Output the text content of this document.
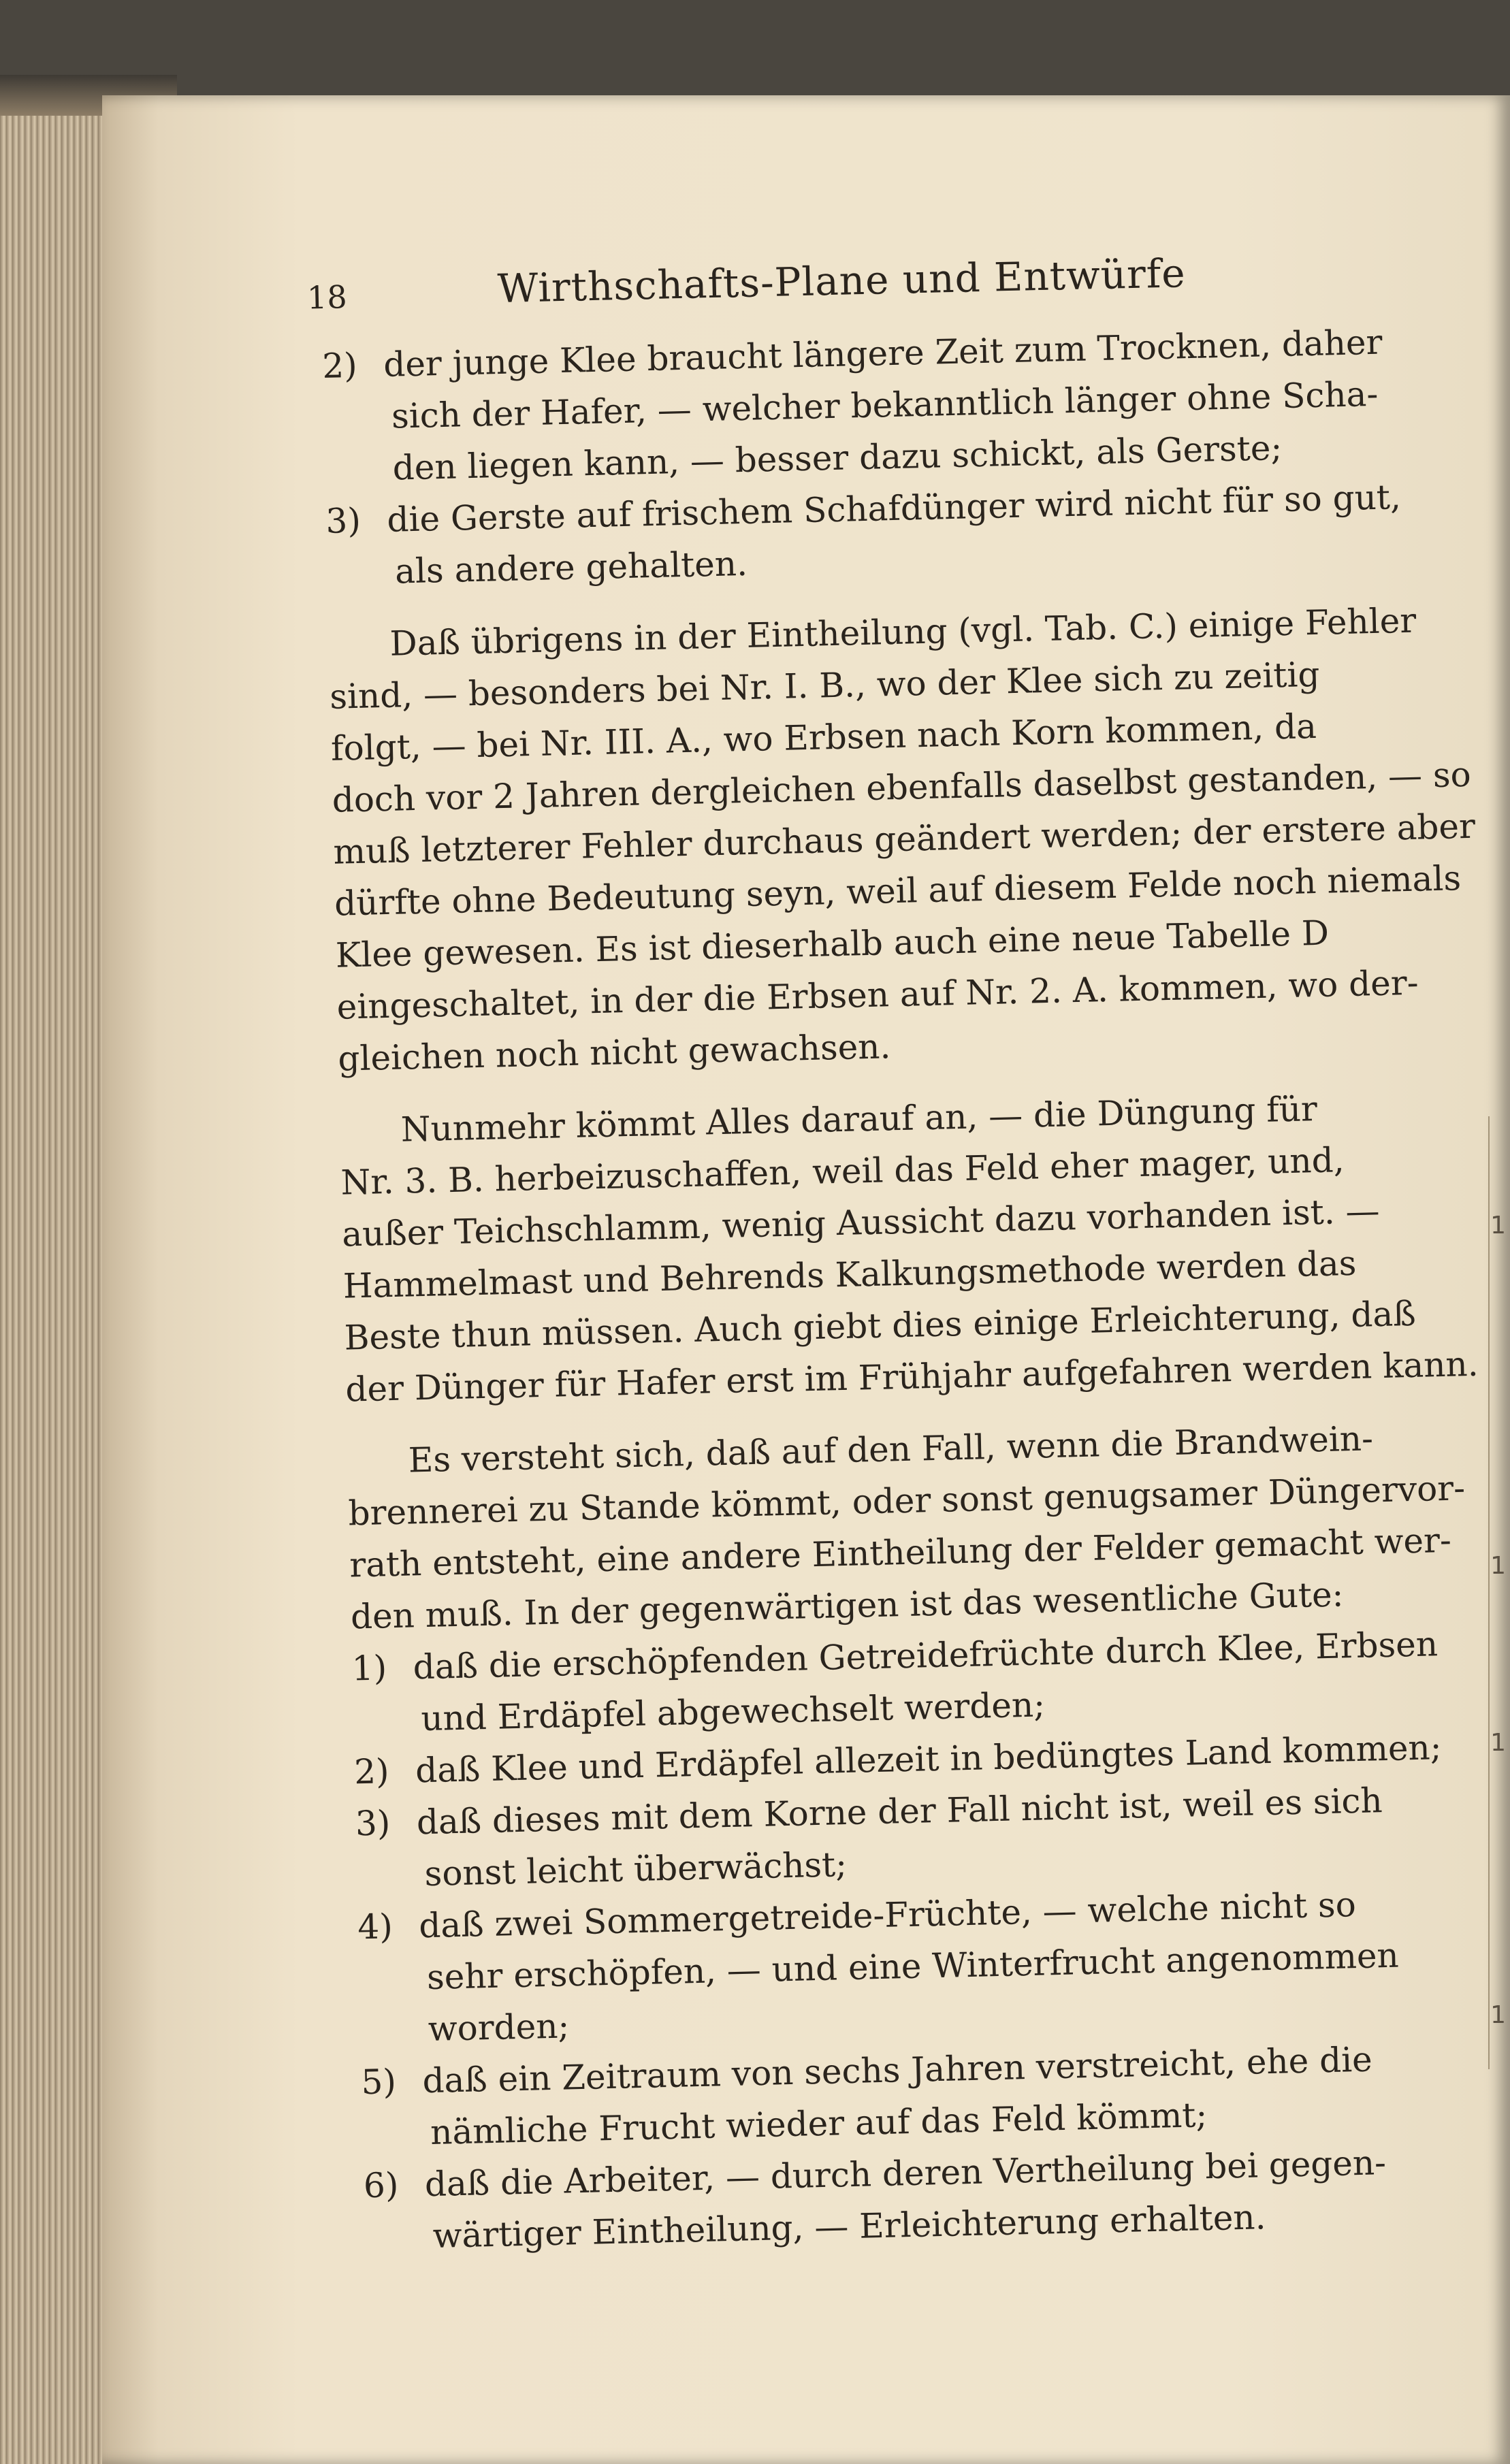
1
1
1
1
18	Wirthschafts-Plane und Entwürfe
2) der junge Klee braucht längere Zeit zum Trocknen, daher
sich der Hafer, — welcher bekanntlich länger ohne Scha-
den liegen kann, — besser dazu schickt, als Gerste;
3) die Gerste auf frischem Schafdünger wird nicht für so gut,
als andere gehalten.
Daß übrigens in der Eintheilung (vgl. Tab. C.) einige Fehler
sind, — besonders bei Nr. I. B., wo der Klee sich zu zeitig
folgt, — bei Nr. III. A., wo Erbsen nach Korn kommen, da
doch vor 2 Jahren dergleichen ebenfalls daselbst gestanden, — so
muß letzterer Fehler durchaus geändert werden; der erstere aber
dürfte ohne Bedeutung seyn, weil auf diesem Felde noch niemals
Klee gewesen. Es ist dieserhalb auch eine neue Tabelle D
eingeschaltet, in der die Erbsen auf Nr. 2. A. kommen, wo der-
gleichen noch nicht gewachsen.
Nunmehr kömmt Alles darauf an, — die Düngung für
Nr. 3. B. herbeizuschaffen, weil das Feld eher mager, und,
außer Teichschlamm, wenig Aussicht dazu vorhanden ist. —
Hammelmast und Behrends Kalkungsmethode werden das
Beste thun müssen. Auch giebt dies einige Erleichterung, daß
der Dünger für Hafer erst im Frühjahr aufgefahren werden kann.
Es versteht sich, daß auf den Fall, wenn die Brandwein-
brennerei zu Stande kömmt, oder sonst genugsamer Düngervor-
rath entsteht, eine andere Eintheilung der Felder gemacht wer-
den muß. In der gegenwärtigen ist das wesentliche Gute:
1) daß die erschöpfenden Getreidefrüchte durch Klee, Erbsen
und Erdäpfel abgewechselt werden;
2) daß Klee und Erdäpfel allezeit in bedüngtes Land kommen;
3) daß dieses mit dem Korne der Fall nicht ist, weil es sich
sonst leicht überwächst;
4) daß zwei Sommergetreide-Früchte, — welche nicht so
sehr erschöpfen, — und eine Winterfrucht angenommen
worden;
5) daß ein Zeitraum von sechs Jahren verstreicht, ehe die
nämliche Frucht wieder auf das Feld kömmt;
6) daß die Arbeiter, — durch deren Vertheilung bei gegen-
wärtiger Eintheilung, — Erleichterung erhalten.
